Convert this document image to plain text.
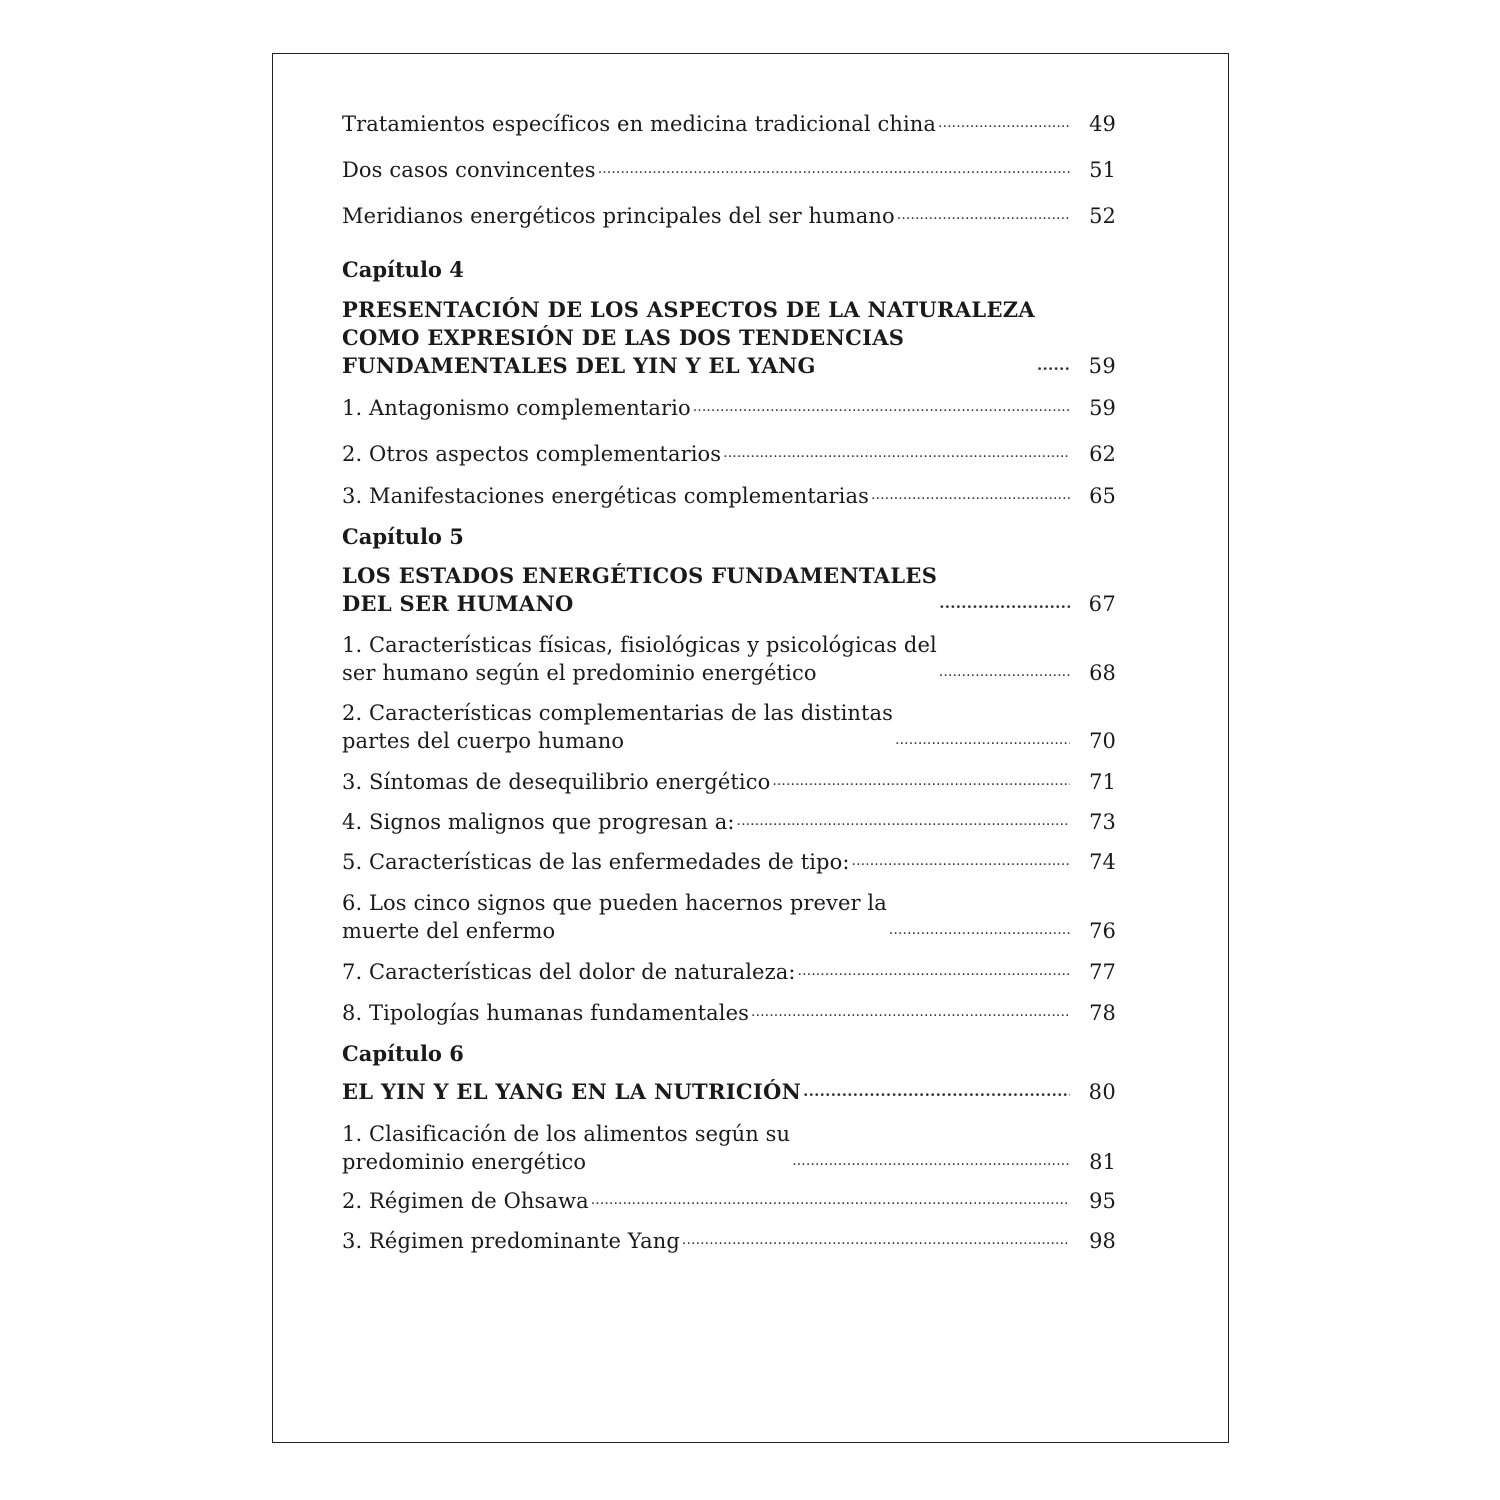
Tratamientos específicos en medicina tradicional china .....	49
Dos casos convincentes .....	51
Meridianos energéticos principales del ser humano .....	52
Capítulo 4
PRESENTACIÓN DE LOS ASPECTOS DE LA NATURALEZA
COMO EXPRESIÓN DE LAS DOS TENDENCIAS
FUNDAMENTALES DEL YIN Y EL YANG .....	59
1. Antagonismo complementario .....	59
2. Otros aspectos complementarios .....	62
3. Manifestaciones energéticas complementarias .....	65
Capítulo 5
LOS ESTADOS ENERGÉTICOS FUNDAMENTALES
DEL SER HUMANO .....	67
1. Características físicas, fisiológicas y psicológicas del
ser humano según el predominio energético .....	68
2. Características complementarias de las distintas
partes del cuerpo humano .....	70
3. Síntomas de desequilibrio energético .....	71
4. Signos malignos que progresan a: .....	73
5. Características de las enfermedades de tipo: .....	74
6. Los cinco signos que pueden hacernos prever la
muerte del enfermo .....	76
7. Características del dolor de naturaleza: .....	77
8. Tipologías humanas fundamentales .....	78
Capítulo 6
EL YIN Y EL YANG EN LA NUTRICIÓN .....	80
1. Clasificación de los alimentos según su
predominio energético .....	81
2. Régimen de Ohsawa .....	95
3. Régimen predominante Yang .....	98
